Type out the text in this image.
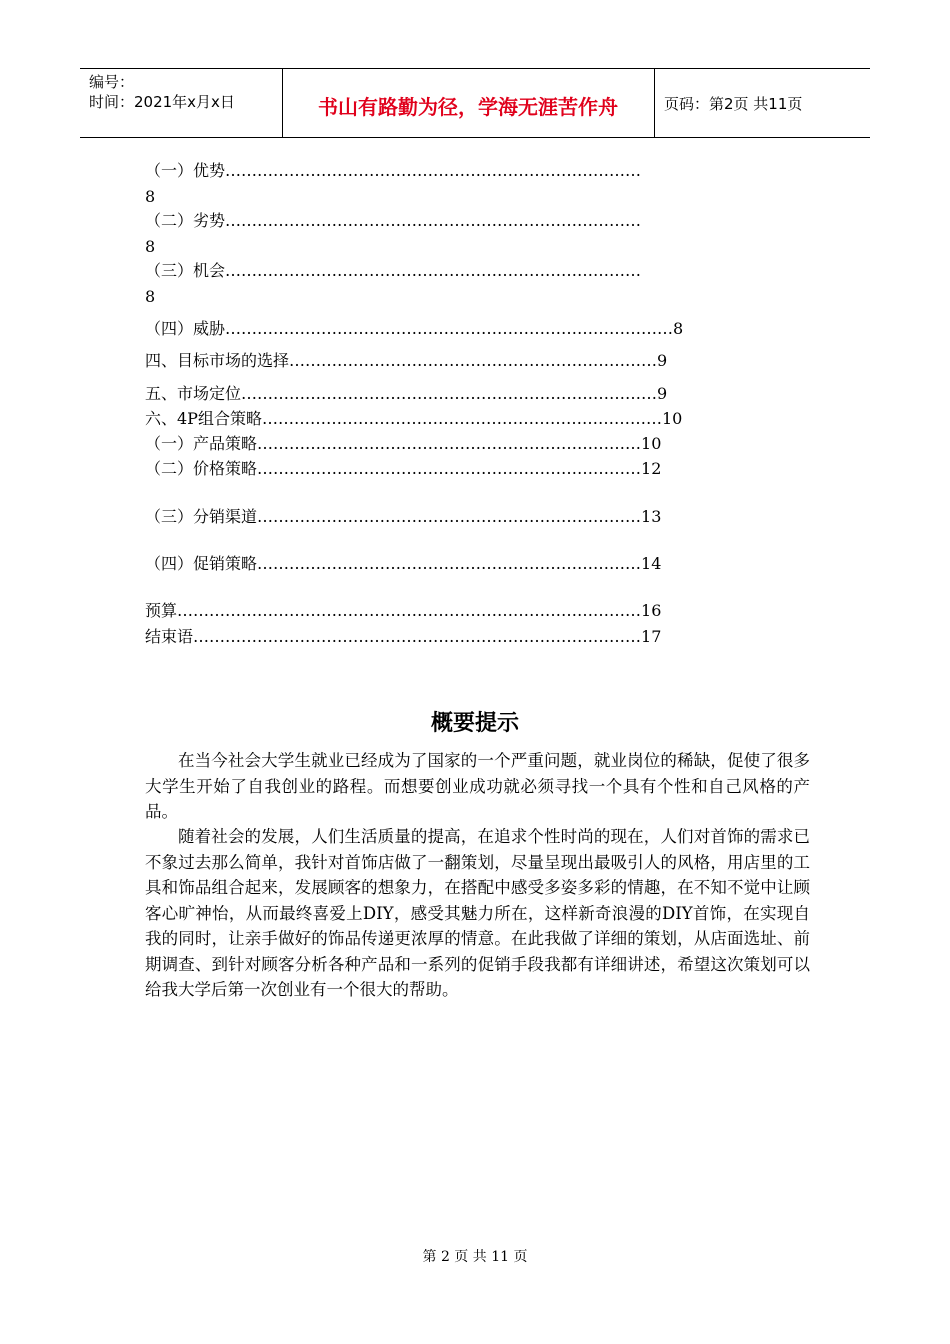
编号：
时间：2021年x月x日	书山有路勤为径，学海无涯苦作舟	页码：第2页 共11页
（一）优势……………………………………………………………………
8
（二）劣势……………………………………………………………………
8
（三）机会……………………………………………………………………
8
（四）威胁…………………………………………………………………………8
四、目标市场的选择……………………………………………………………9
五、市场定位……………………………………………………………………9
六、4P组合策略…………………………………………………………………10
（一）产品策略………………………………………………………………10
（二）价格策略………………………………………………………………12
（三）分销渠道………………………………………………………………13
（四）促销策略………………………………………………………………14
预算……………………………………………………………………………16
结束语…………………………………………………………………………17
概要提示
在当今社会大学生就业已经成为了国家的一个严重问题，就业岗位的稀缺，促使了很多大学生开始了自我创业的路程。而想要创业成功就必须寻找一个具有个性和自己风格的产品。
随着社会的发展，人们生活质量的提高，在追求个性时尚的现在，人们对首饰的需求已不象过去那么简单，我针对首饰店做了一翻策划，尽量呈现出最吸引人的风格，用店里的工具和饰品组合起来，发展顾客的想象力，在搭配中感受多姿多彩的情趣，在不知不觉中让顾客心旷神怡，从而最终喜爱上DIY，感受其魅力所在，这样新奇浪漫的DIY首饰，在实现自我的同时，让亲手做好的饰品传递更浓厚的情意。在此我做了详细的策划，从店面选址、前期调查、到针对顾客分析各种产品和一系列的促销手段我都有详细讲述，希望这次策划可以给我大学后第一次创业有一个很大的帮助。
第 2 页 共 11 页
